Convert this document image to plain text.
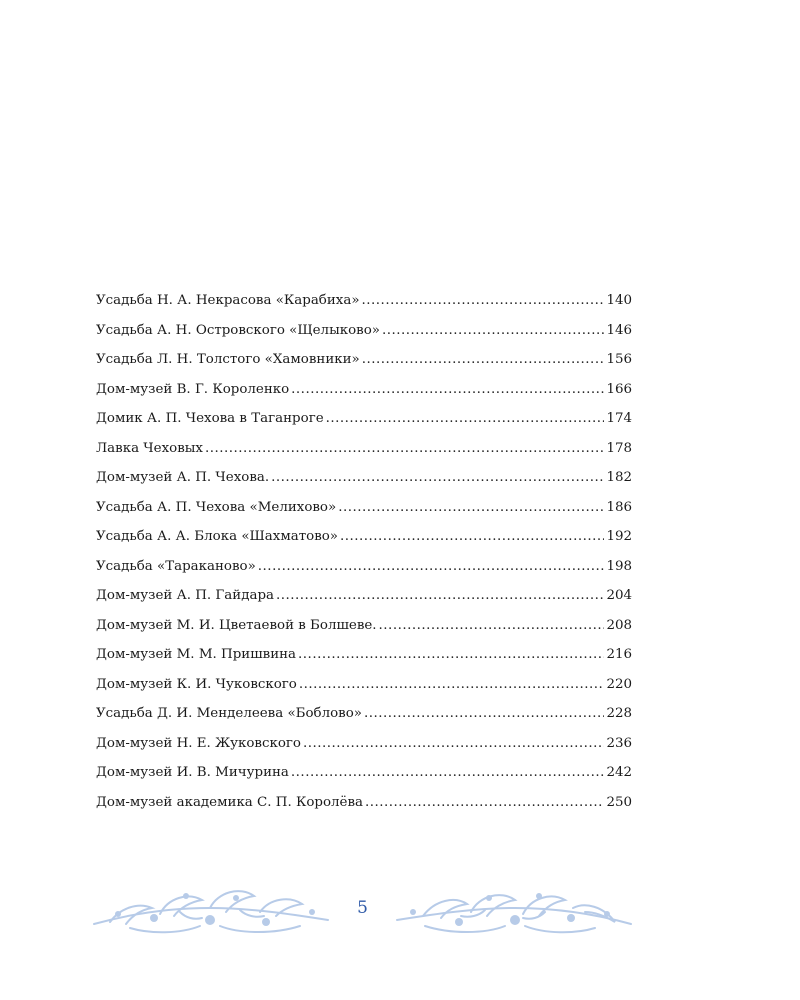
Усадьба Н. А. Некрасова «Карабиха» .....	140
Усадьба А. Н. Островского «Щелыково» .....	146
Усадьба Л. Н. Толстого «Хамовники» .....	156
Дом-музей В. Г. Короленко .....	166
Домик А. П. Чехова в Таганроге .....	174
Лавка Чеховых .....	178
Дом-музей А. П. Чехова. .....	182
Усадьба А. П. Чехова «Мелихово» .....	186
Усадьба А. А. Блока «Шахматово» .....	192
Усадьба «Тараканово» .....	198
Дом-музей А. П. Гайдара .....	204
Дом-музей М. И. Цветаевой в Болшеве. .....	208
Дом-музей М. М. Пришвина .....	216
Дом-музей К. И. Чуковского .....	220
Усадьба Д. И. Менделеева «Боблово» .....	228
Дом-музей Н. Е. Жуковского .....	236
Дом-музей И. В. Мичурина .....	242
Дом-музей академика С. П. Королёва .....	250
5
